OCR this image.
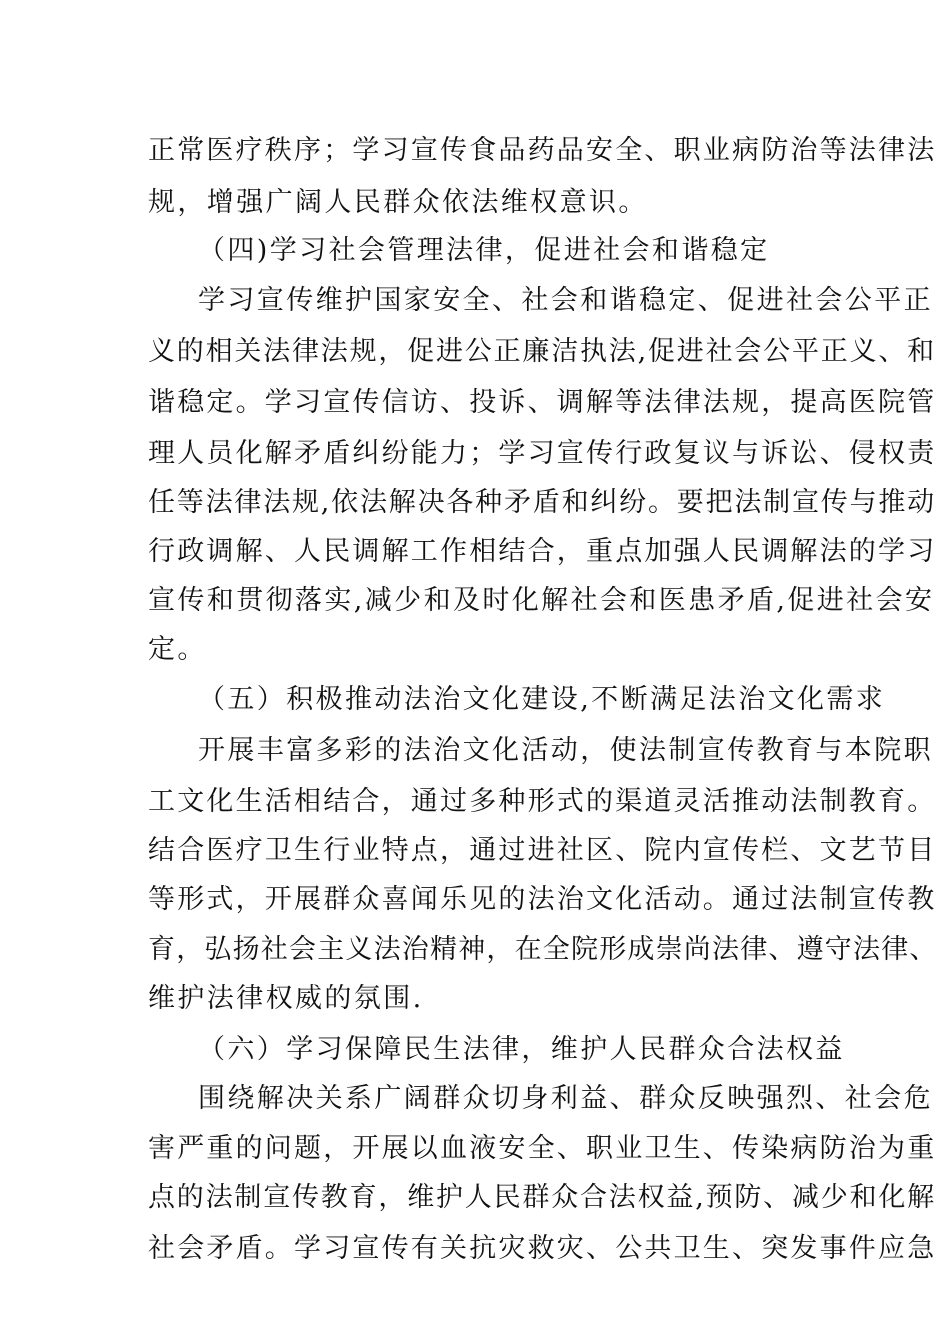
正常医疗秩序；学习宣传食品药品安全、职业病防治等法律法
规，增强广阔人民群众依法维权意识。
（四)学习社会管理法律，促进社会和谐稳定
学习宣传维护国家安全、社会和谐稳定、促进社会公平正
义的相关法律法规，促进公正廉洁执法,促进社会公平正义、和
谐稳定。学习宣传信访、投诉、调解等法律法规，提高医院管
理人员化解矛盾纠纷能力；学习宣传行政复议与诉讼、侵权责
任等法律法规,依法解决各种矛盾和纠纷。要把法制宣传与推动
行政调解、人民调解工作相结合，重点加强人民调解法的学习
宣传和贯彻落实,减少和及时化解社会和医患矛盾,促进社会安
定。
（五）积极推动法治文化建设,不断满足法治文化需求
开展丰富多彩的法治文化活动，使法制宣传教育与本院职
工文化生活相结合，通过多种形式的渠道灵活推动法制教育。
结合医疗卫生行业特点，通过进社区、院内宣传栏、文艺节目
等形式，开展群众喜闻乐见的法治文化活动。通过法制宣传教
育，弘扬社会主义法治精神，在全院形成崇尚法律、遵守法律、
维护法律权威的氛围.
（六）学习保障民生法律，维护人民群众合法权益
围绕解决关系广阔群众切身利益、群众反映强烈、社会危
害严重的问题，开展以血液安全、职业卫生、传染病防治为重
点的法制宣传教育，维护人民群众合法权益,预防、减少和化解
社会矛盾。学习宣传有关抗灾救灾、公共卫生、突发事件应急
